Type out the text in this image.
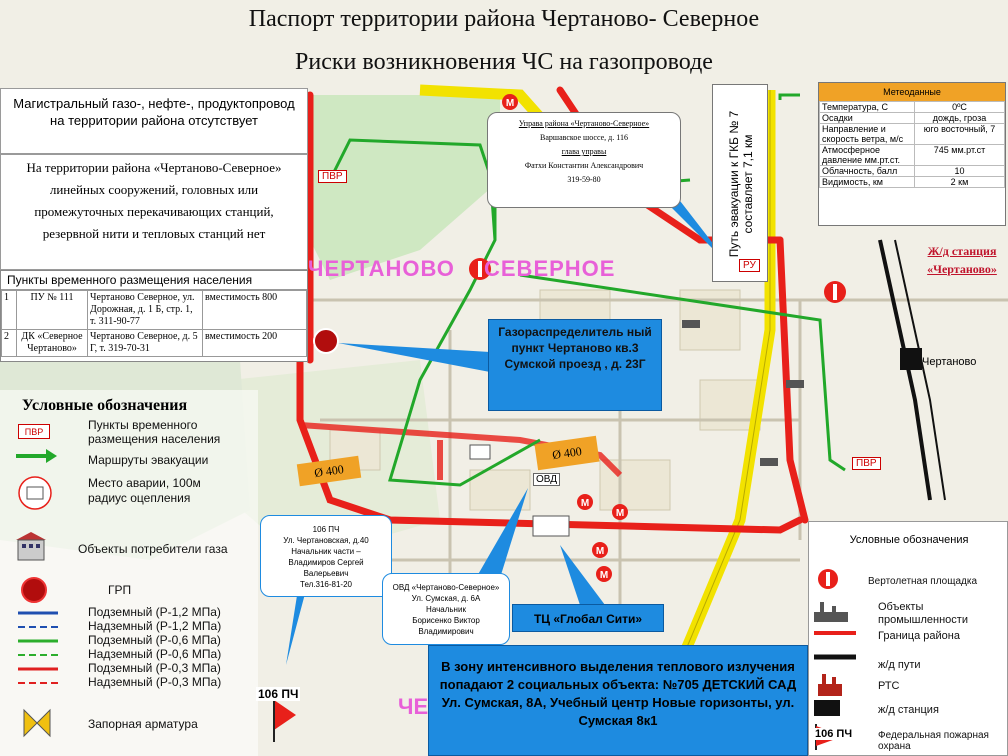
М
М
М
М
М
Паспорт территории района Чертаново- Северное
Риски возникновения ЧС на газопроводе
Магистральный газо-, нефте-, продуктопровод на территории района отсутствует
На территории района «Чертаново-Северное» линейных сооружений, головных или промежуточных перекачивающих станций, резервной нити и тепловых станций нет
Пункты временного размещения населения
1	ПУ № 111	Чертаново Северное, ул. Дорожная, д. 1 Б, стр. 1, т. 311-90-77	вместимость 800
2	ДК «Северное Чертаново»	Чертаново Северное, д. 5 Г, т. 319-70-31	вместимость 200
Управа района «Чертаново-Северное»
Варшавское шоссе, д. 116
глава управы
Фатхи Константин Александрович
319-59-80	Путь эвакуации к ГКБ № 7 составляет 7,1 км
Метеоданные
Температура, С	0ºС
Осадки	дождь, гроза
Направление и скорость ветра, м/с	юго восточный, 7
Атмосферное давление мм.рт.ст.	745 мм.рт.ст
Облачность, балл	10
Видимость, км	2 км
Ж/д станция «Чертаново»
Чертаново
ЧЕРТАНОВО СЕВЕРНОЕ
ЧЕ
ПВР
ПВР
РУ
ОВД
Ø 400
Ø 400
Газораспределитель ный пункт Чертаново кв.3 Сумской проезд , д. 23Г
106 ПЧ
Ул. Чертановская, д.40
Начальник части –
Владимиров Сергей
Валерьевич
Тел.316-81-20	ОВД «Чертаново-Северное»
Ул. Сумская, д. 6А
Начальник
Борисенко Виктор
Владимирович
ТЦ «Глобал Сити»
106 ПЧ
В зону интенсивного выделения теплового излучения попадают 2 социальных объекта: №705 ДЕТСКИЙ САД Ул. Сумская, 8А, Учебный центр Новые горизонты, ул. Сумская 8к1
Условные обозначения
ПВР	Пункты временного размещения населения
Маршруты эвакуации
Место аварии, 100м радиус оцепления
Объекты потребители газа
ГРП
Подземный (Р-1,2 МПа)
Надземный (Р-1,2 МПа)
Подземный (Р-0,6 МПа)
Надземный (Р-0,6 МПа)
Подземный (Р-0,3 МПа)
Надземный (Р-0,3 МПа)
Запорная арматура
Условные обозначения
Вертолетная площадка
Объекты промышленности
Граница района
ж/д пути
РТС
ж/д станция
Федеральная пожарная охрана
106 ПЧ
